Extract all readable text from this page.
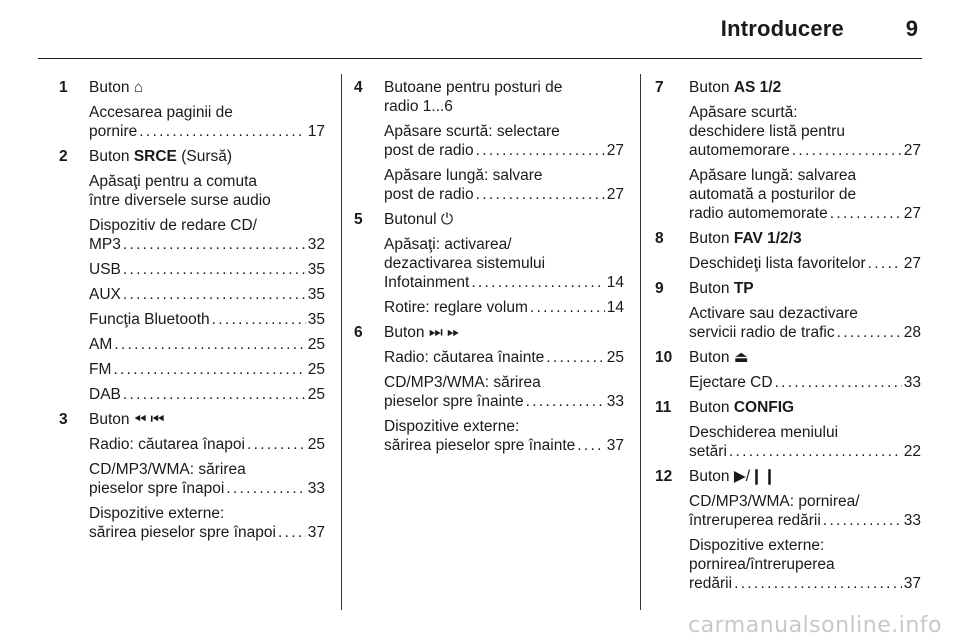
Introducere	9
1 Buton ⌂
Accesarea paginii de
pornire . . .	17
2 Buton SRCE (Sursă)
Apăsaţi pentru a comuta
între diversele surse audio
Dispozitiv de redare CD/
MP3 . . .	32
USB . . .	35
AUX . . .	35
Funcţia Bluetooth . . .	35
AM . . .	25
FM . . .	25
DAB . . .	25
3 Buton ⏪︎ ⏮︎
Radio: căutarea înapoi . . .	25
CD/MP3/WMA: sărirea
pieselor spre înapoi . . .	33
Dispozitive externe:
sărirea pieselor spre înapoi . . . 37
4 Butoane pentru posturi de
radio 1...6
Apăsare scurtă: selectare
post de radio . . .	27
Apăsare lungă: salvare
post de radio . . .	27
5 Butonul ⏻
Apăsaţi: activarea/
dezactivarea sistemului
Infotainment . . .	14
Rotire: reglare volum . . .	14
6 Buton ⏭︎ ⏩︎
Radio: căutarea înainte . . .	25
CD/MP3/WMA: sărirea
pieselor spre înainte . . .	33
Dispozitive externe:
sărirea pieselor spre înainte . . . 37
7 Buton AS 1/2
Apăsare scurtă:
deschidere listă pentru
automemorare . . .	27
Apăsare lungă: salvarea
automată a posturilor de
radio automemorate . . .	27
8 Buton FAV 1/2/3
Deschideţi lista favoritelor . . . 27
9 Buton TP
Activare sau dezactivare
servicii radio de trafic . . .	28
10 Buton ⏏
Ejectare CD . . .	33
11 Buton CONFIG
Deschiderea meniului
setări . . .	22
12 Buton ▶/❙❙
CD/MP3/WMA: pornirea/
întreruperea redării . . .	33
Dispozitive externe:
pornirea/întreruperea
redării . . .	37
carmanualsonline.info
